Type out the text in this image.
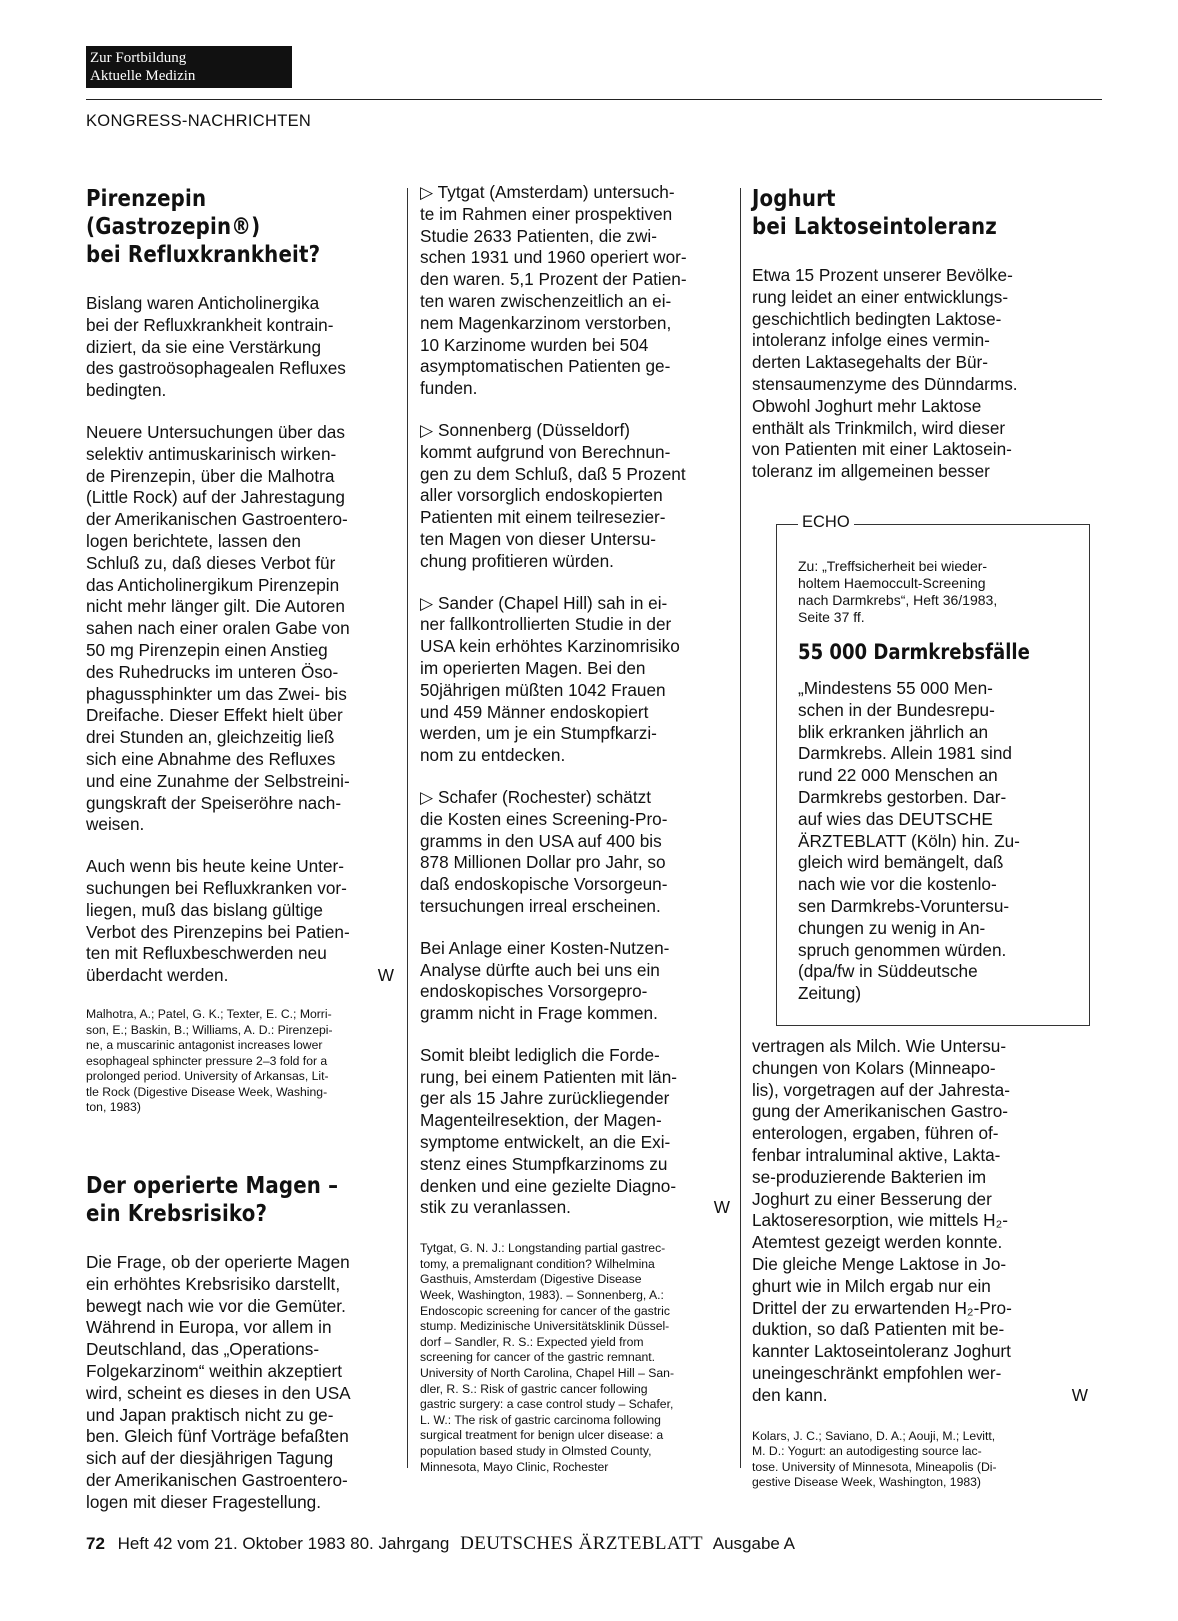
Zur Fortbildung
Aktuelle Medizin
KONGRESS-NACHRICHTEN
Pirenzepin (Gastrozepin®)
bei Refluxkrankheit?

Bislang waren Anticholinergika
bei der Refluxkrankheit kontrain-
diziert, da sie eine Verstärkung
des gastroösophagealen Refluxes
bedingten.

Neuere Untersuchungen über das
selektiv antimuskarinisch wirken-
de Pirenzepin, über die Malhotra
(Little Rock) auf der Jahrestagung
der Amerikanischen Gastroentero-
logen berichtete, lassen den
Schluß zu, daß dieses Verbot für
das Anticholinergikum Pirenzepin
nicht mehr länger gilt. Die Autoren
sahen nach einer oralen Gabe von
50 mg Pirenzepin einen Anstieg
des Ruhedrucks im unteren Öso-
phagussphinkter um das Zwei- bis
Dreifache. Dieser Effekt hielt über
drei Stunden an, gleichzeitig ließ
sich eine Abnahme des Refluxes
und eine Zunahme der Selbstreini-
gungskraft der Speiseröhre nach-
weisen.

Auch wenn bis heute keine Unter-
suchungen bei Refluxkranken vor-
liegen, muß das bislang gültige
Verbot des Pirenzepins bei Patien-
ten mit Refluxbeschwerden neu
überdacht werden.	W

Malhotra, A.; Patel, G. K.; Texter, E. C.; Morri-
son, E.; Baskin, B.; Williams, A. D.: Pirenzepi-
ne, a muscarinic antagonist increases lower
esophageal sphincter pressure 2–3 fold for a
prolonged period. University of Arkansas, Lit-
tle Rock (Digestive Disease Week, Washing-
ton, 1983)
Der operierte Magen –
ein Krebsrisiko?

Die Frage, ob der operierte Magen
ein erhöhtes Krebsrisiko darstellt,
bewegt nach wie vor die Gemüter.
Während in Europa, vor allem in
Deutschland, das „Operations-
Folgekarzinom“ weithin akzeptiert
wird, scheint es dieses in den USA
und Japan praktisch nicht zu ge-
ben. Gleich fünf Vorträge befaßten
sich auf der diesjährigen Tagung
der Amerikanischen Gastroentero-
logen mit dieser Fragestellung.

▷ Tytgat (Amsterdam) untersuch-
te im Rahmen einer prospektiven
Studie 2633 Patienten, die zwi-
schen 1931 und 1960 operiert wor-
den waren. 5,1 Prozent der Patien-
ten waren zwischenzeitlich an ei-
nem Magenkarzinom verstorben,
10 Karzinome wurden bei 504
asymptomatischen Patienten ge-
funden.

▷ Sonnenberg (Düsseldorf)
kommt aufgrund von Berechnun-
gen zu dem Schluß, daß 5 Prozent
aller vorsorglich endoskopierten
Patienten mit einem teilresezier-
ten Magen von dieser Untersu-
chung profitieren würden.

▷ Sander (Chapel Hill) sah in ei-
ner fallkontrollierten Studie in der
USA kein erhöhtes Karzinomrisiko
im operierten Magen. Bei den
50jährigen müßten 1042 Frauen
und 459 Männer endoskopiert
werden, um je ein Stumpfkarzi-
nom zu entdecken.

▷ Schafer (Rochester) schätzt
die Kosten eines Screening-Pro-
gramms in den USA auf 400 bis
878 Millionen Dollar pro Jahr, so
daß endoskopische Vorsorgeun-
tersuchungen irreal erscheinen.

Bei Anlage einer Kosten-Nutzen-
Analyse dürfte auch bei uns ein
endoskopisches Vorsorgepro-
gramm nicht in Frage kommen.

Somit bleibt lediglich die Forde-
rung, bei einem Patienten mit län-
ger als 15 Jahre zurückliegender
Magenteilresektion, der Magen-
symptome entwickelt, an die Exi-
stenz eines Stumpfkarzinoms zu
denken und eine gezielte Diagno-
stik zu veranlassen.	W

Tytgat, G. N. J.: Longstanding partial gastrec-
tomy, a premalignant condition? Wilhelmina
Gasthuis, Amsterdam (Digestive Disease
Week, Washington, 1983). – Sonnenberg, A.:
Endoscopic screening for cancer of the gastric
stump. Medizinische Universitätsklinik Düssel-
dorf – Sandler, R. S.: Expected yield from
screening for cancer of the gastric remnant.
University of North Carolina, Chapel Hill – San-
dler, R. S.: Risk of gastric cancer following
gastric surgery: a case control study – Schafer,
L. W.: The risk of gastric carcinoma following
surgical treatment for benign ulcer disease: a
population based study in Olmsted County,
Minnesota, Mayo Clinic, Rochester
Joghurt
bei Laktoseintoleranz

Etwa 15 Prozent unserer Bevölke-
rung leidet an einer entwicklungs-
geschichtlich bedingten Laktose-
intoleranz infolge eines vermin-
derten Laktasegehalts der Bür-
stensaumenzyme des Dünndarms.
Obwohl Joghurt mehr Laktose
enthält als Trinkmilch, wird dieser
von Patienten mit einer Laktosein-
toleranz im allgemeinen besser

ECHO
Zu: „Treffsicherheit bei wieder-
holtem Haemoccult-Screening
nach Darmkrebs“, Heft 36/1983,
Seite 37 ff.
55 000 Darmkrebsfälle
„Mindestens 55 000 Men-
schen in der Bundesrepu-
blik erkranken jährlich an
Darmkrebs. Allein 1981 sind
rund 22 000 Menschen an
Darmkrebs gestorben. Dar-
auf wies das DEUTSCHE
ÄRZTEBLATT (Köln) hin. Zu-
gleich wird bemängelt, daß
nach wie vor die kostenlo-
sen Darmkrebs-Voruntersu-
chungen zu wenig in An-
spruch genommen würden.
(dpa/fw in Süddeutsche
Zeitung)

vertragen als Milch. Wie Untersu-
chungen von Kolars (Minneapo-
lis), vorgetragen auf der Jahresta-
gung der Amerikanischen Gastro-
enterologen, ergaben, führen of-
fenbar intraluminal aktive, Lakta-
se-produzierende Bakterien im
Joghurt zu einer Besserung der
Laktoseresorption, wie mittels H₂-
Atemtest gezeigt werden konnte.
Die gleiche Menge Laktose in Jo-
ghurt wie in Milch ergab nur ein
Drittel der zu erwartenden H₂-Pro-
duktion, so daß Patienten mit be-
kannter Laktoseintoleranz Joghurt
uneingeschränkt empfohlen wer-
den kann.	W

Kolars, J. C.; Saviano, D. A.; Aouji, M.; Levitt,
M. D.: Yogurt: an autodigesting source lac-
tose. University of Minnesota, Mineapolis (Di-
gestive Disease Week, Washington, 1983)
72 Heft 42 vom 21. Oktober 1983 80. Jahrgang DEUTSCHES ÄRZTEBLATT Ausgabe A
